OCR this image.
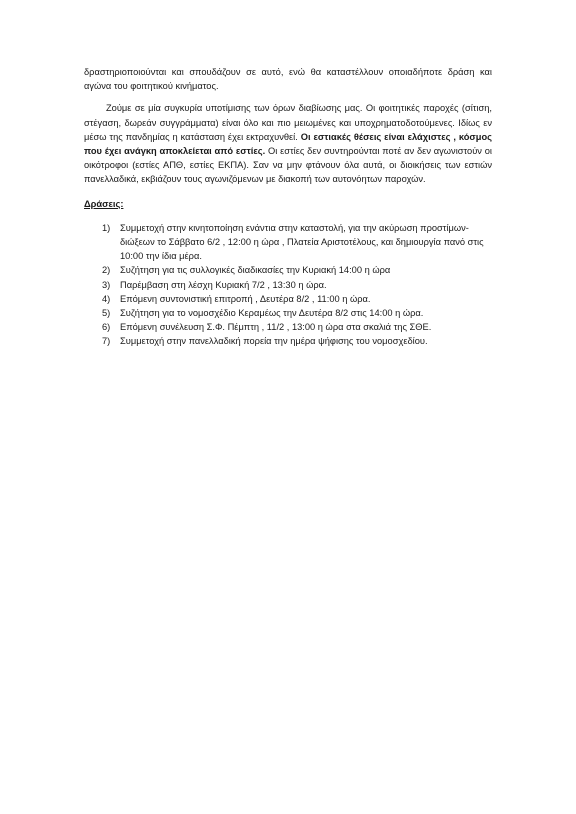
δραστηριοποιούνται και σπουδάζουν σε αυτό, ενώ θα καταστέλλουν οποιαδήποτε δράση και αγώνα του φοιτητικού κινήματος.

Ζούμε σε μία συγκυρία υποτίμισης των όρων διαβίωσης μας. Οι φοιτητικές παροχές (σίτιση, στέγαση, δωρεάν συγγράμματα) είναι όλο και πιο μειωμένες και υποχρηματοδοτούμενες. Ιδίως εν μέσω της πανδημίας η κατάσταση έχει εκτραχυνθεί. Οι εστιακές θέσεις είναι ελάχιστες , κόσμος που έχει ανάγκη αποκλείεται από εστίες. Οι εστίες δεν συντηρούνται ποτέ αν δεν αγωνιστούν οι οικότροφοι (εστίες ΑΠΘ, εστίες ΕΚΠΑ). Σαν να μην φτάνουν όλα αυτά, οι διοικήσεις των εστιών πανελλαδικά, εκβιάζουν τους αγωνιζόμενων με διακοπή των αυτονόητων παροχών.

Δράσεις:
1) Συμμετοχή στην κινητοποίηση ενάντια στην καταστολή, για την ακύρωση προστίμων-διώξεων το Σάββατο 6/2 , 12:00 η ώρα , Πλατεία Αριστοτέλους, και δημιουργία πανό στις 10:00 την ίδια μέρα.
2) Συζήτηση για τις συλλογικές διαδικασίες την Κυριακή 14:00 η ώρα
3) Παρέμβαση στη λέσχη Κυριακή 7/2 , 13:30 η ώρα.
4) Επόμενη συντονιστική επιτροπή , Δευτέρα 8/2 , 11:00 η ώρα.
5) Συζήτηση για το νομοσχέδιο Κεραμέως την Δευτέρα 8/2 στις 14:00 η ώρα.
6) Επόμενη συνέλευση Σ.Φ. Πέμπτη , 11/2 , 13:00 η ώρα στα σκαλιά της ΣΘΕ.
7) Συμμετοχή στην πανελλαδική πορεία την ημέρα ψήφισης του νομοσχεδίου.
